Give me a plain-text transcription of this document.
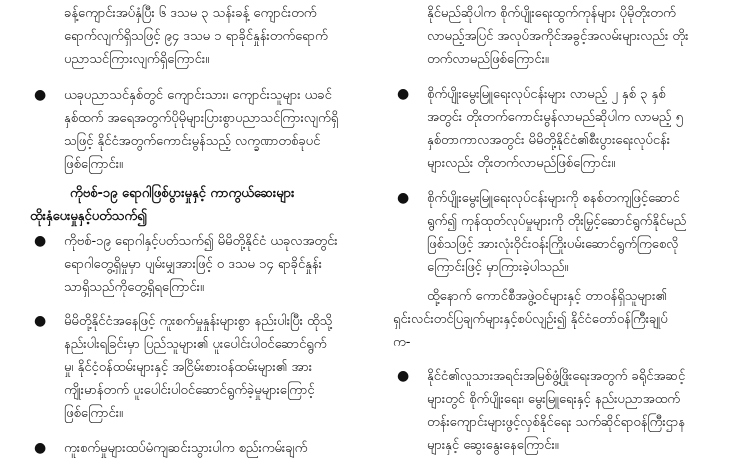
ခန့်ကျောင်းအပ်နှံပြီး ၆ ဒသမ ၃ သန်းခန့် ကျောင်းတက်
ရောက်လျက်ရှိသဖြင့် ၉၄ ဒသမ ၁ ရာခိုင်နှုန်းတက်ရောက်
ပညာသင်ကြားလျက်ရှိကြောင်း။
● ယခုပညာသင်နှစ်တွင် ကျောင်းသား၊ ကျောင်းသူများ ယခင်
နှစ်ထက် အရေအတွက်ပိုမိုများပြားစွာပညာသင်ကြားလျက်ရှိ
သဖြင့် နိုင်ငံအတွက်ကောင်းမွန်သည့် လက္ခဏာတစ်ခုပင်
ဖြစ်ကြောင်း။
ကိုဗစ်-၁၉ ရောဂါဖြစ်ပွားမှုနှင့် ကာကွယ်ဆေးများ
ထိုးနှံပေးမှုနှင့်ပတ်သက်၍
● ကိုဗစ်-၁၉ ရောဂါနှင့်ပတ်သက်၍ မိမိတို့နိုင်ငံ ယခုလအတွင်း
ရောဂါတွေ့ရှိမှုမှာ ပျမ်းမျှအားဖြင့် ဝ ဒသမ ၁၄ ရာခိုင်နှုန်း
သာရှိသည်ကိုတွေ့ရှိရကြောင်း။
● မိမိတို့နိုင်ငံအနေဖြင့် ကူးစက်မှုနှုန်းများစွာ နည်းပါးပြီး ထိုသို့
နည်းပါးရခြင်းမှာ ပြည်သူများ၏ ပူးပေါင်းပါဝင်ဆောင်ရွက်
မှု၊ နိုင်ငံ့ဝန်ထမ်းများနှင့် အငြိမ်းစားဝန်ထမ်းများ၏ အား
ကျိုးမာန်တက် ပူးပေါင်းပါဝင်ဆောင်ရွက်ခဲ့မှုများကြောင့်
ဖြစ်ကြောင်း။
● ကူးစက်မှုများထပ်မံကျဆင်းသွားပါက စည်းကမ်းချက်
နိုင်မည်ဆိုပါက စိုက်ပျိုးရေးထွက်ကုန်များ ပိုမိုတိုးတက်
လာမည့်အပြင် အလုပ်အကိုင်အခွင့်အလမ်းများလည်း တိုး
တက်လာမည်ဖြစ်ကြောင်း။
● စိုက်ပျိုးမွေးမြူရေးလုပ်ငန်းများ လာမည့် ၂ နှစ် ၃ နှစ်
အတွင်း တိုးတက်ကောင်းမွန်လာမည်ဆိုပါက လာမည့် ၅
နှစ်တာကာလအတွင်း မိမိတို့နိုင်ငံ၏စီးပွားရေးလုပ်ငန်း
များလည်း တိုးတက်လာမည်ဖြစ်ကြောင်း။
● စိုက်ပျိုးမွေးမြူရေးလုပ်ငန်းများကို စနစ်တကျဖြင့်ဆောင်
ရွက်၍ ကုန်ထုတ်လုပ်မှုများကို တိုးမြှင့်ဆောင်ရွက်နိုင်မည်
ဖြစ်သဖြင့် အားလုံးဝိုင်းဝန်းကြိုးပမ်းဆောင်ရွက်ကြစေလို
ကြောင်းဖြင့် မှာကြားခဲ့ပါသည်။
ထို့နောက် ကောင်စီအဖွဲ့ဝင်များနှင့် တာဝန်ရှိသူများ၏
ရှင်းလင်းတင်ပြချက်များနှင့်စပ်လျဉ်း၍ နိုင်ငံတော်ဝန်ကြီးချုပ်
က-
● နိုင်ငံ၏လူသားအရင်းအမြစ်ဖွံ့ဖြိုးရေးအတွက် ခရိုင်အဆင့်
များတွင် စိုက်ပျိုးရေး၊ မွေးမြူရေးနှင့် နည်းပညာအထက်
တန်းကျောင်းများဖွင့်လှစ်နိုင်ရေး သက်ဆိုင်ရာဝန်ကြီးဌာန
များနှင့် ဆွေးနွေးနေကြောင်း။
